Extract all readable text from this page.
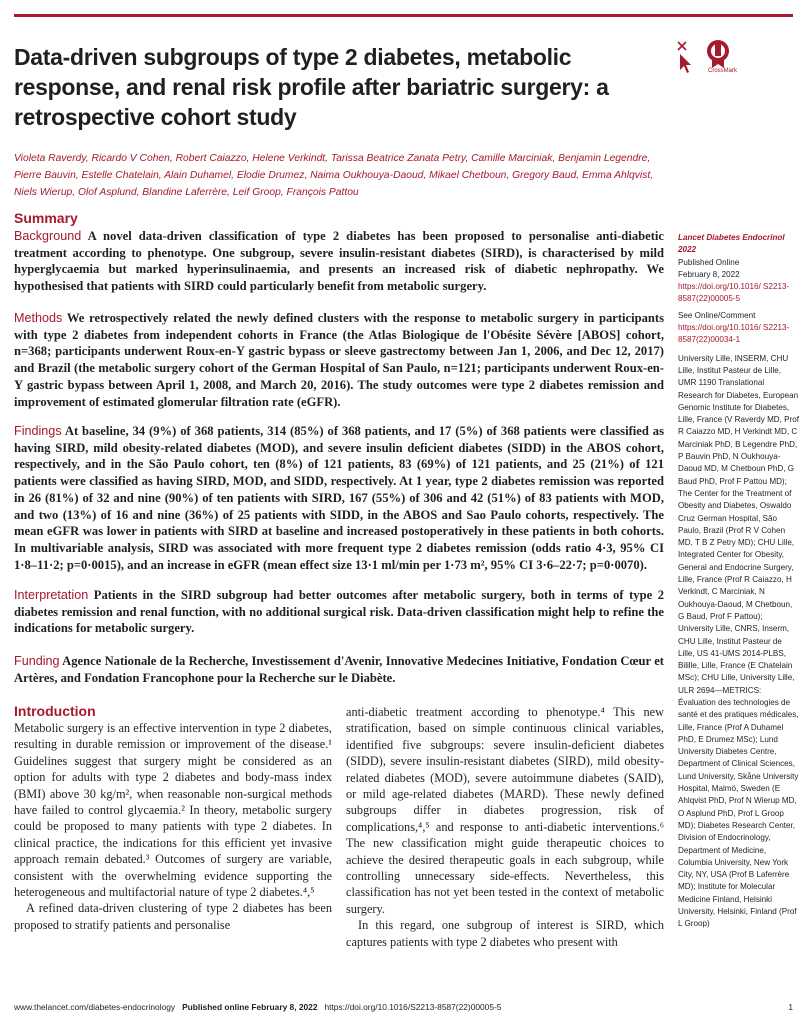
Data-driven subgroups of type 2 diabetes, metabolic response, and renal risk profile after bariatric surgery: a retrospective cohort study
CrossMark

Violeta Raverdy, Ricardo V Cohen, Robert Caiazzo, Helene Verkindt, Tarissa Beatrice Zanata Petry, Camille Marciniak, Benjamin Legendre, Pierre Bauvin, Estelle Chatelain, Alain Duhamel, Elodie Drumez, Naima Oukhouya-Daoud, Mikael Chetboun, Gregory Baud, Emma Ahlqvist, Niels Wierup, Olof Asplund, Blandine Laferrère, Leif Groop, François Pattou

Summary

Background A novel data-driven classification of type 2 diabetes has been proposed to personalise anti-diabetic treatment according to phenotype. One subgroup, severe insulin-resistant diabetes (SIRD), is characterised by mild hyperglycaemia but marked hyperinsulinaemia, and presents an increased risk of diabetic nephropathy. We hypothesised that patients with SIRD could particularly benefit from metabolic surgery.

Methods We retrospectively related the newly defined clusters with the response to metabolic surgery in participants with type 2 diabetes from independent cohorts in France (the Atlas Biologique de l'Obésite Sévère [ABOS] cohort, n=368; participants underwent Roux-en-Y gastric bypass or sleeve gastrectomy between Jan 1, 2006, and Dec 12, 2017) and Brazil (the metabolic surgery cohort of the German Hospital of San Paulo, n=121; participants underwent Roux-en-Y gastric bypass between April 1, 2008, and March 20, 2016). The study outcomes were type 2 diabetes remission and improvement of estimated glomerular filtration rate (eGFR).

Findings At baseline, 34 (9%) of 368 patients, 314 (85%) of 368 patients, and 17 (5%) of 368 patients were classified as having SIRD, mild obesity-related diabetes (MOD), and severe insulin deficient diabetes (SIDD) in the ABOS cohort, respectively, and in the São Paulo cohort, ten (8%) of 121 patients, 83 (69%) of 121 patients, and 25 (21%) of 121 patients were classified as having SIRD, MOD, and SIDD, respectively. At 1 year, type 2 diabetes remission was reported in 26 (81%) of 32 and nine (90%) of ten patients with SIRD, 167 (55%) of 306 and 42 (51%) of 83 patients with MOD, and two (13%) of 16 and nine (36%) of 25 patients with SIDD, in the ABOS and Sao Paulo cohorts, respectively. The mean eGFR was lower in patients with SIRD at baseline and increased postoperatively in these patients in both cohorts. In multivariable analysis, SIRD was associated with more frequent type 2 diabetes remission (odds ratio 4·3, 95% CI 1·8–11·2; p=0·0015), and an increase in eGFR (mean effect size 13·1 ml/min per 1·73 m², 95% CI 3·6–22·7; p=0·0070).

Interpretation Patients in the SIRD subgroup had better outcomes after metabolic surgery, both in terms of type 2 diabetes remission and renal function, with no additional surgical risk. Data-driven classification might help to refine the indications for metabolic surgery.

Funding Agence Nationale de la Recherche, Investissement d'Avenir, Innovative Medecines Initiative, Fondation Cœur et Artères, and Fondation Francophone pour la Recherche sur le Diabète.

Lancet Diabetes Endocrinol 2022
Published Online
February 8, 2022
https://doi.org/10.1016/ S2213-8587(22)00005-5
See Online/Comment
https://doi.org/10.1016/ S2213-8587(22)00034-1
University Lille, INSERM, CHU Lille, Institut Pasteur de Lille, UMR 1190 Translational Research for Diabetes, European Genomic Institute for Diabetes, Lille, France (V Raverdy MD, Prof R Caiazzo MD, H Verkindt MD, C Marciniak PhD, B Legendre PhD, P Bauvin PhD, N Oukhouya-Daoud MD, M Chetboun PhD, G Baud PhD, Prof F Pattou MD); The Center for the Treatment of Obesity and Diabetes, Oswaldo Cruz German Hospital, São Paulo, Brazil (Prof R V Cohen MD, T B Z Petry MD); CHU Lille, Integrated Center for Obesity, General and Endocrine Surgery, Lille, France (Prof R Caiazzo, H Verkindt, C Marciniak, N Oukhouya-Daoud, M Chetboun, G Baud, Prof F Pattou); University Lille, CNRS, Inserm, CHU Lille, Institut Pasteur de Lille, US 41-UMS 2014-PLBS, Bilille, Lille, France (E Chatelain MSc); CHU Lille, University Lille, ULR 2694—METRICS: Évaluation des technologies de santé et des pratiques médicales, Lille, France (Prof A Duhamel PhD, E Drumez MSc); Lund University Diabetes Centre, Department of Clinical Sciences, Lund University, Skåne University Hospital, Malmö, Sweden (E Ahlqvist PhD, Prof N Wierup MD, O Asplund PhD, Prof L Groop MD); Diabetes Research Center, Division of Endocrinology, Department of Medicine, Columbia University, New York City, NY, USA (Prof B Laferrère MD); Institute for Molecular Medicine Finland, Helsinki University, Helsinki, Finland (Prof L Groop)
Introduction

Metabolic surgery is an effective intervention in type 2 diabetes, resulting in durable remission or improvement of the disease.¹ Guidelines suggest that surgery might be considered as an option for adults with type 2 diabetes and body-mass index (BMI) above 30 kg/m², when reasonable non-surgical methods have failed to control glycaemia.² In theory, metabolic surgery could be proposed to many patients with type 2 diabetes. In clinical practice, the indications for this efficient yet invasive approach remain debated.³ Outcomes of surgery are variable, consistent with the overwhelming evidence supporting the heterogeneous and multifactorial nature of type 2 diabetes.⁴,⁵

A refined data-driven clustering of type 2 diabetes has been proposed to stratify patients and personalise

anti-diabetic treatment according to phenotype.⁴ This new stratification, based on simple continuous clinical variables, identified five subgroups: severe insulin-deficient diabetes (SIDD), severe insulin-resistant diabetes (SIRD), mild obesity-related diabetes (MOD), severe autoimmune diabetes (SAID), or mild age-related diabetes (MARD). These newly defined subgroups differ in diabetes progression, risk of complications,⁴,⁵ and response to anti-diabetic interventions.⁶ The new classification might guide therapeutic choices to achieve the desired therapeutic goals in each subgroup, while controlling unnecessary side-effects. Nevertheless, this classification has not yet been tested in the context of metabolic surgery.

In this regard, one subgroup of interest is SIRD, which captures patients with type 2 diabetes who present with

www.thelancet.com/diabetes-endocrinology Published online February 8, 2022 https://doi.org/10.1016/S2213-8587(22)00005-5	1
